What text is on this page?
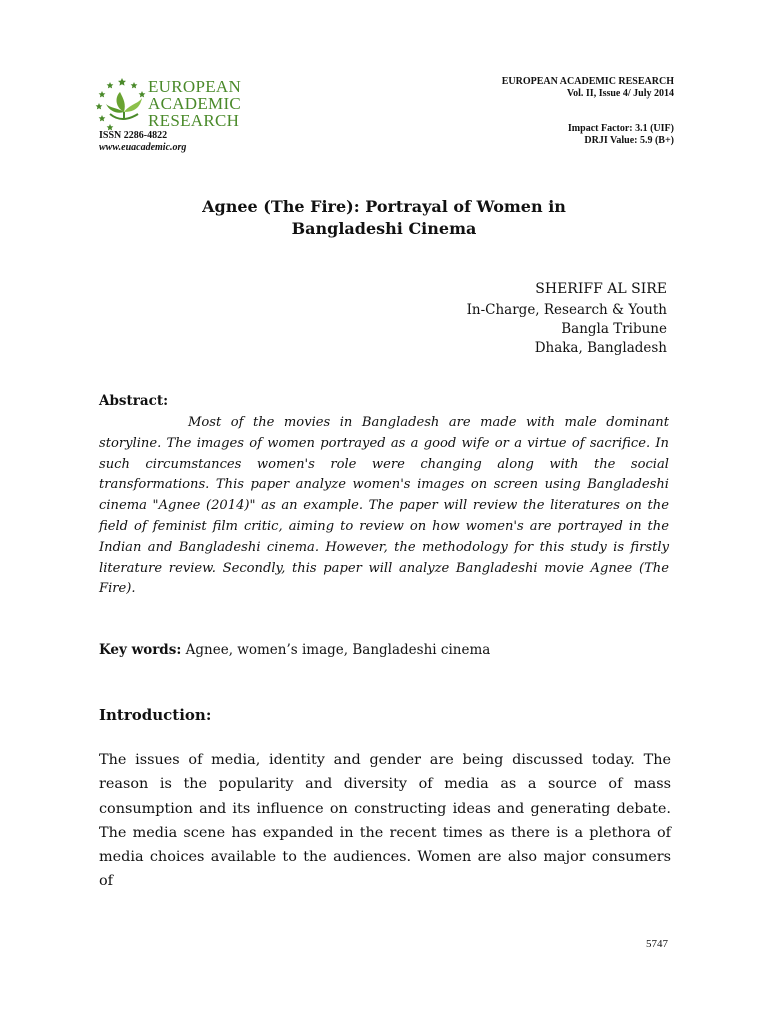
EUROPEAN
ACADEMIC
RESEARCH
ISSN 2286-4822
www.euacademic.org
EUROPEAN ACADEMIC RESEARCH
Vol. II, Issue 4/ July 2014
Impact Factor: 3.1 (UIF)
DRJI Value: 5.9 (B+)
Agnee (The Fire): Portrayal of Women in
Bangladeshi Cinema
SHERIFF AL SIRE
In-Charge, Research & Youth
Bangla Tribune
Dhaka, Bangladesh
Abstract:

Most of the movies in Bangladesh are made with male dominant storyline. The images of women portrayed as a good wife or a virtue of sacrifice. In such circumstances women's role were changing along with the social transformations. This paper analyze women's images on screen using Bangladeshi cinema "Agnee (2014)" as an example. The paper will review the literatures on the field of feminist film critic, aiming to review on how women's are portrayed in the Indian and Bangladeshi cinema. However, the methodology for this study is firstly literature review. Secondly, this paper will analyze Bangladeshi movie Agnee (The Fire).

Key words: Agnee, women’s image, Bangladeshi cinema
Introduction:

The issues of media, identity and gender are being discussed today. The reason is the popularity and diversity of media as a source of mass consumption and its influence on constructing ideas and generating debate. The media scene has expanded in the recent times as there is a plethora of media choices available to the audiences. Women are also major consumers of

5747
